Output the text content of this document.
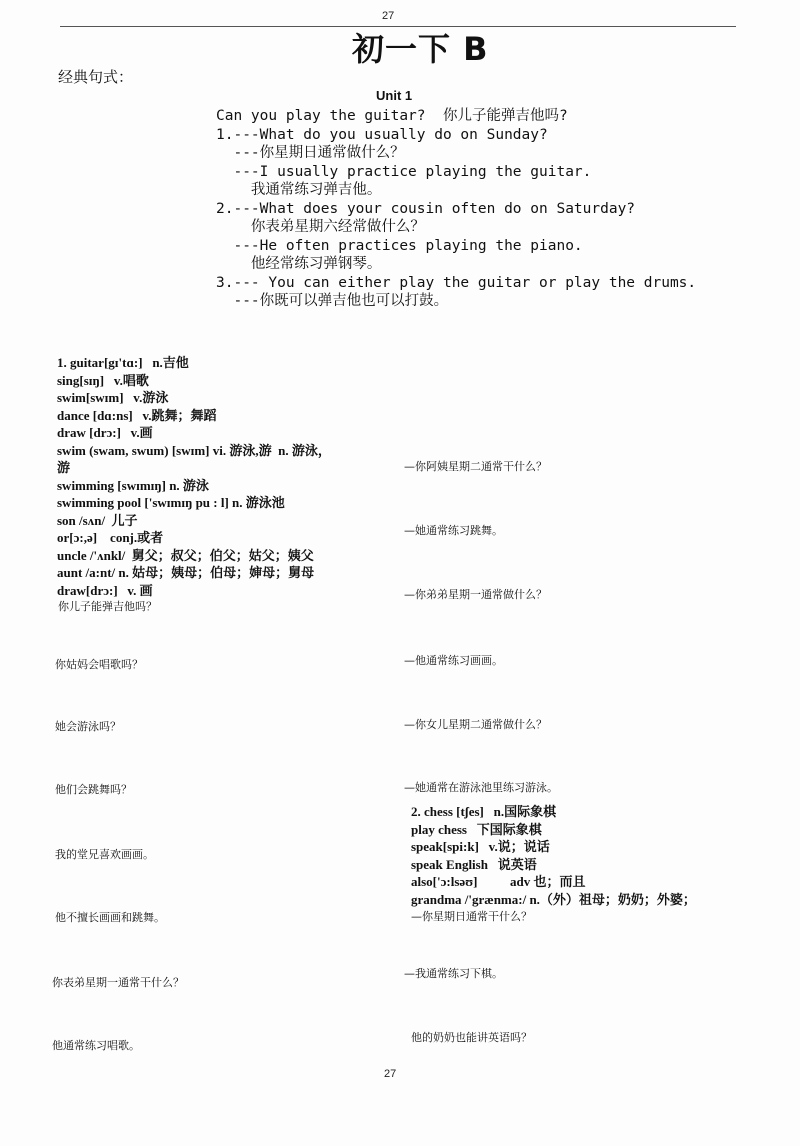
27
初一下 B
经典句式：
Unit 1
Can you play the guitar?  你儿子能弹吉他吗?
1.---What do you usually do on Sunday?
---你星期日通常做什么？
---I usually practice playing the guitar.
我通常练习弹吉他。
2.---What does your cousin often do on Saturday?
你表弟星期六经常做什么？
---He often practices playing the piano.
他经常练习弹钢琴。
3.--- You can either play the guitar or play the drums.
---你既可以弹吉他也可以打鼓。
1. guitar[gɪ'tɑ:]   n.吉他
sing[sɪŋ]   v.唱歌
swim[swɪm]   v.游泳
dance [dɑ:ns]   v.跳舞；舞蹈
draw [drɔ:]   v.画
swim (swam, swum) [swɪm] vi. 游泳,游  n. 游泳，
游
swimming [swɪmɪŋ] n. 游泳
swimming pool ['swɪmɪŋ pu : l] n. 游泳池
son /sʌn/  儿子
or[ɔ:,ə]    conj.或者
uncle /'ʌnkl/  舅父；叔父；伯父；姑父；姨父
aunt /a:nt/ n. 姑母；姨母；伯母；婶母；舅母
draw[drɔ:]   v. 画
你儿子能弹吉他吗？
你姑妈会唱歌吗？
她会游泳吗？
他们会跳舞吗？
我的堂兄喜欢画画。
他不擅长画画和跳舞。
你表弟星期一通常干什么？
他通常练习唱歌。
—你阿姨星期二通常干什么？
—她通常练习跳舞。
—你弟弟星期一通常做什么？
—他通常练习画画。
—你女儿星期二通常做什么？
—她通常在游泳池里练习游泳。
2. chess [tʃes]   n.国际象棋
play chess   下国际象棋
speak[spi:k]   v.说；说话
speak English   说英语
also['ɔ:lsəʊ]          adv 也；而且
grandma /'grænma:/ n.（外）祖母；奶奶；外婆；
—你星期日通常干什么？
—我通常练习下棋。
他的奶奶也能讲英语吗？
27
